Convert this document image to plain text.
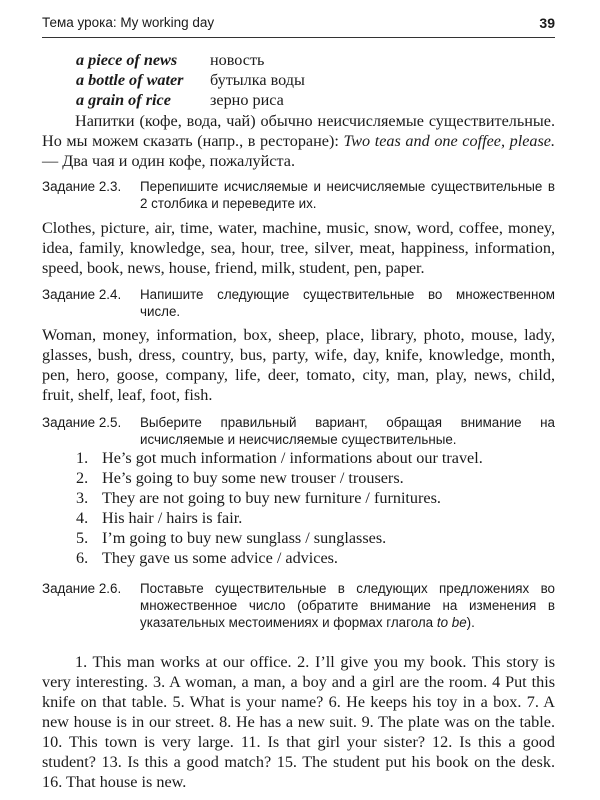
Тема урока: My working day	39
a piece of news	новость
a bottle of water	бутылка воды
a grain of rice	зерно риса

Напитки (кофе, вода, чай) обычно неисчисляемые существительные. Но мы можем сказать (напр., в ресторане): Two teas and one coffee, please. — Два чая и один кофе, пожалуйста.

Задание 2.3.	Перепишите исчисляемые и неисчисляемые существительные в 2 столбика и переведите их.

Clothes, picture, air, time, water, machine, music, snow, word, coffee, money, idea, family, knowledge, sea, hour, tree, silver, meat, happiness, information, speed, book, news, house, friend, milk, student, pen, paper.

Задание 2.4.	Напишите следующие существительные во множественном числе.

Woman, money, information, box, sheep, place, library, photo, mouse, lady, glasses, bush, dress, country, bus, party, wife, day, knife, knowledge, month, pen, hero, goose, company, life, deer, tomato, city, man, play, news, child, fruit, shelf, leaf, foot, fish.

Задание 2.5.	Выберите правильный вариант, обращая внимание на исчисляемые и неисчисляемые существительные.
1. He’s got much information / informations about our travel.
2. He’s going to buy some new trouser / trousers.
3. They are not going to buy new furniture / furnitures.
4. His hair / hairs is fair.
5. I’m going to buy new sunglass / sunglasses.
6. They gave us some advice / advices.
Задание 2.6.	Поставьте существительные в следующих предложениях во множественное число (обратите внимание на изменения в указательных местоимениях и формах глагола to be).

1. This man works at our office. 2. I’ll give you my book. This story is very interesting. 3. A woman, a man, a boy and a girl are the room. 4 Put this knife on that table. 5. What is your name? 6. He keeps his toy in a box. 7. A new house is in our street. 8. He has a new suit. 9. The plate was on the table. 10. This town is very large. 11. Is that girl your sister? 12. Is this a good student? 13. Is this a good match? 15. The student put his book on the desk. 16. That house is new.
